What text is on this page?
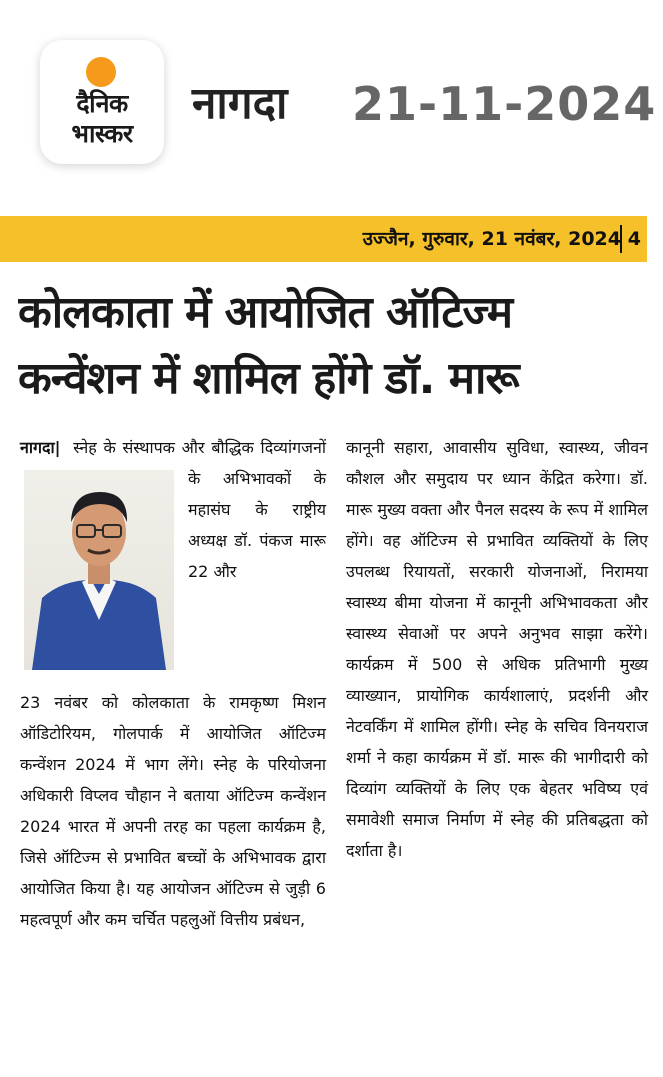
दैनिक
भास्कर
नागदा 21-11-2024
उज्जैन, गुरुवार, 21 नवंबर, 2024 4
कोलकाता में आयोजित ऑटिज्म
कन्वेंशन में शामिल होंगे डॉ. मारू

नागदा| स्नेह के संस्थापक और बौद्धिक दिव्यांगजनों के अभिभावकों के महासंघ के राष्ट्रीय अध्यक्ष डॉ. पंकज मारू 22 और

23 नवंबर को कोलकाता के रामकृष्ण मिशन ऑडिटोरियम, गोलपार्क में आयोजित ऑटिज्म कन्वेंशन 2024 में भाग लेंगे। स्नेह के परियोजना अधिकारी विप्लव चौहान ने बताया ऑटिज्म कन्वेंशन 2024 भारत में अपनी तरह का पहला कार्यक्रम है, जिसे ऑटिज्म से प्रभावित बच्चों के अभिभावक द्वारा आयोजित किया है। यह आयोजन ऑटिज्म से जुड़ी 6 महत्वपूर्ण और कम चर्चित पहलुओं वित्तीय प्रबंधन,

कानूनी सहारा, आवासीय सुविधा, स्वास्थ्य, जीवन कौशल और समुदाय पर ध्यान केंद्रित करेगा। डॉ. मारू मुख्य वक्ता और पैनल सदस्य के रूप में शामिल होंगे। वह ऑटिज्म से प्रभावित व्यक्तियों के लिए उपलब्ध रियायतों, सरकारी योजनाओं, निरामया स्वास्थ्य बीमा योजना में कानूनी अभिभावकता और स्वास्थ्य सेवाओं पर अपने अनुभव साझा करेंगे। कार्यक्रम में 500 से अधिक प्रतिभागी मुख्य व्याख्यान, प्रायोगिक कार्यशालाएं, प्रदर्शनी और नेटवर्किंग में शामिल होंगी। स्नेह के सचिव विनयराज शर्मा ने कहा कार्यक्रम में डॉ. मारू की भागीदारी को दिव्यांग व्यक्तियों के लिए एक बेहतर भविष्य एवं समावेशी समाज निर्माण में स्नेह की प्रतिबद्धता को दर्शाता है।
